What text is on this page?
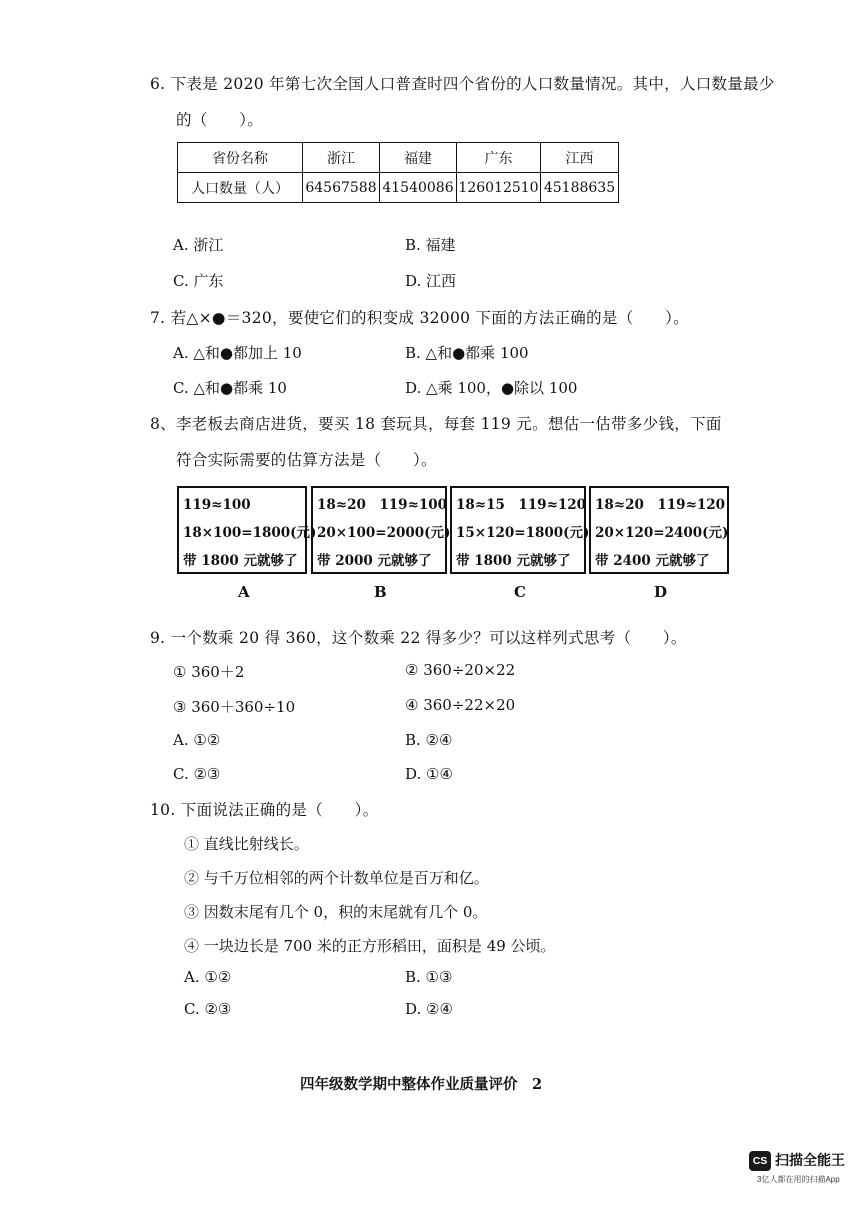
6. 下表是 2020 年第七次全国人口普查时四个省份的人口数量情况。其中，人口数量最少
的（　　）。
省份名称	浙江	福建	广东	江西
人口数量（人）	64567588	41540086	126012510	45188635
A. 浙江	B. 福建
C. 广东	D. 江西
7. 若△×●＝320，要使它们的积变成 32000 下面的方法正确的是（　　）。
A. △和●都加上 10	B. △和●都乘 100
C. △和●都乘 10	D. △乘 100，●除以 100
8、李老板去商店进货，要买 18 套玩具，每套 119 元。想估一估带多少钱，下面
符合实际需要的估算方法是（　　）。
119≈100
18×100=1800(元)
带 1800 元就够了
18≈20　119≈100
20×100=2000(元)
带 2000 元就够了
18≈15　119≈120
15×120=1800(元)
带 1800 元就够了
18≈20　119≈120
20×120=2400(元)
带 2400 元就够了
A	B	C	D
9. 一个数乘 20 得 360，这个数乘 22 得多少？可以这样列式思考（　　）。
① 360＋2	② 360÷20×22
③ 360＋360÷10	④ 360÷22×20
A. ①②	B. ②④
C. ②③	D. ①④
10. 下面说法正确的是（　　）。
① 直线比射线长。
② 与千万位相邻的两个计数单位是百万和亿。
③ 因数末尾有几个 0，积的末尾就有几个 0。
④ 一块边长是 700 米的正方形稻田，面积是 49 公顷。
A. ①②	B. ①③
C. ②③	D. ②④
四年级数学期中整体作业质量评价　2
CS 扫描全能王
3亿人都在用的扫描App
